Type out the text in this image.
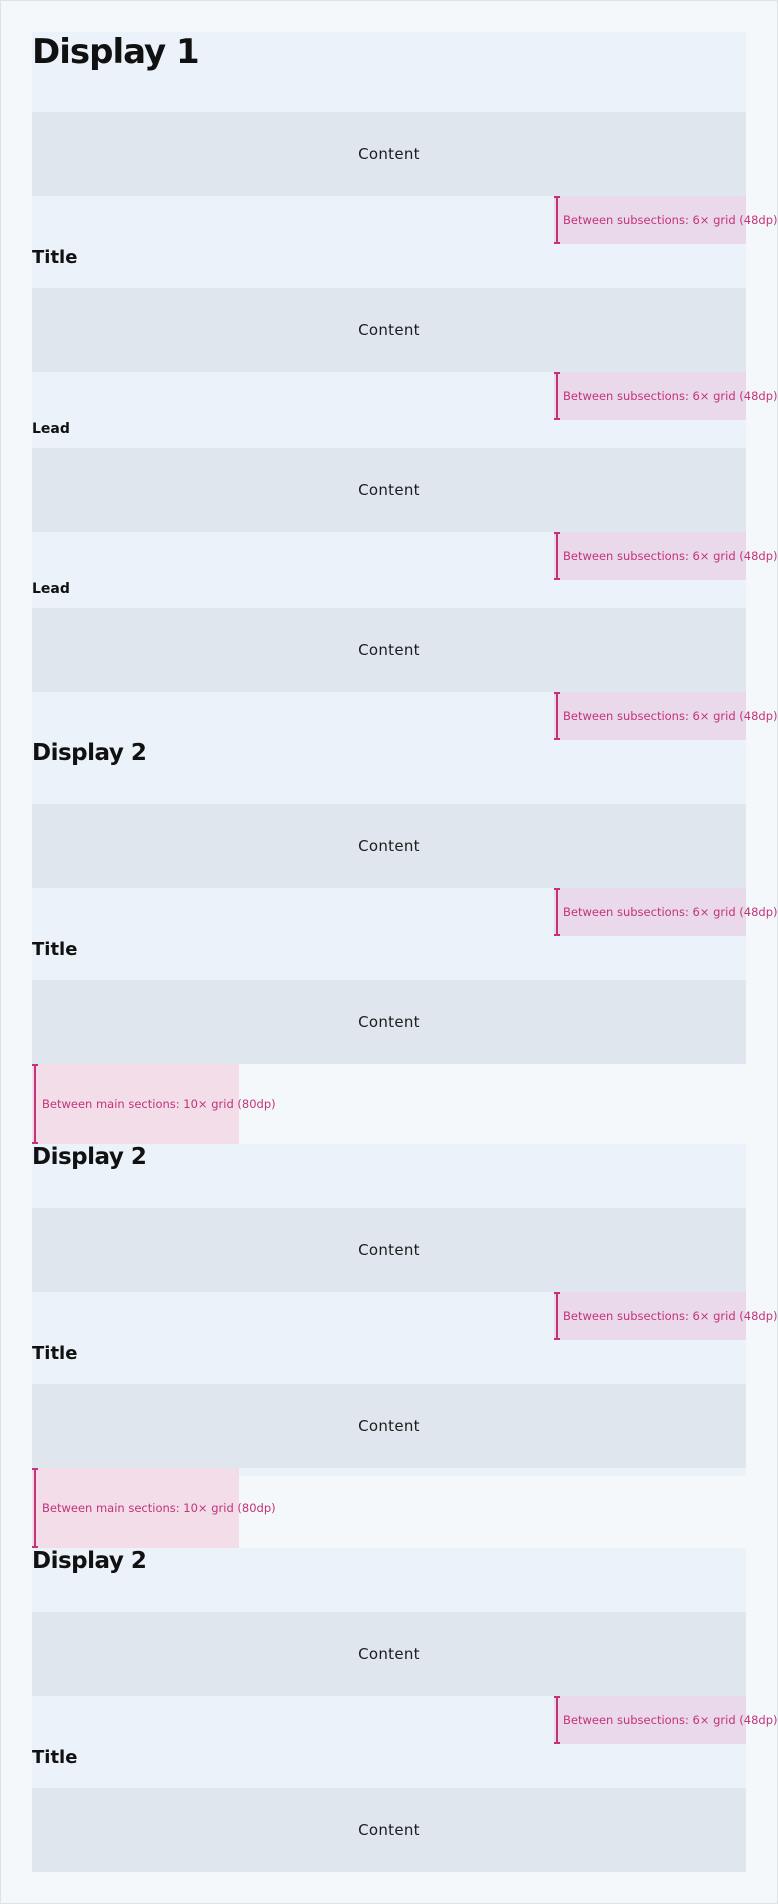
Display 1
Content
Between subsections: 6× grid (48dp)
Title
Content
Between subsections: 6× grid (48dp)
Lead
Content
Between subsections: 6× grid (48dp)
Lead
Content
Between subsections: 6× grid (48dp)
Display 2
Content
Between subsections: 6× grid (48dp)
Title
Content
Between main sections: 10× grid (80dp)
Display 2
Content
Between subsections: 6× grid (48dp)
Title
Content
Between main sections: 10× grid (80dp)
Display 2
Content
Between subsections: 6× grid (48dp)
Title
Content
